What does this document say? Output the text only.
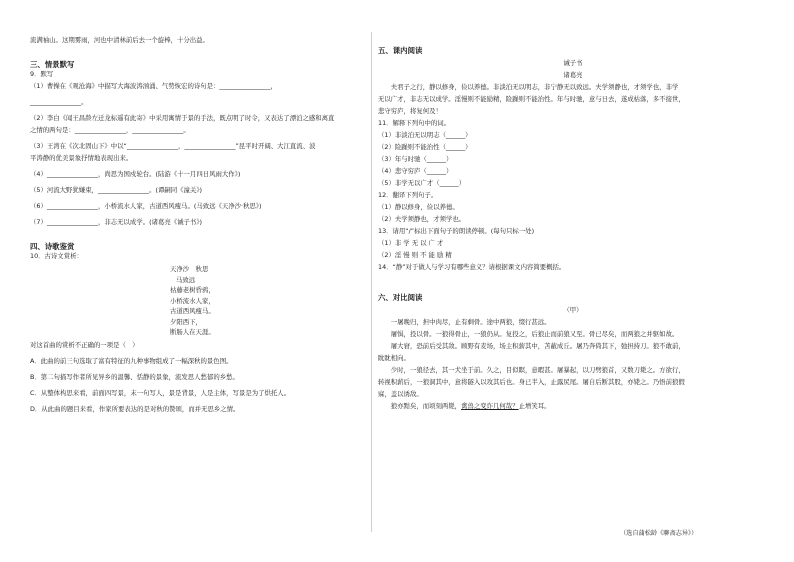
流满袖山。这期雾雨，河也中清林前后去一个旋棒，十分出益。

三、情景默写

9．默写

（1）曹操在《观沧海》中描写大海波涛汹涌、气势恢宏的诗句是：________________，

________________。

（2）李白《闻王昌龄左迁龙标遥有此寄》中采用寓情于景的手法，既点明了时令，又表达了漂泊之感和离直

之情的两句是：________________，________________。

（3）王湾在《次北固山下》中以“________________，________________”昆平时开阔、大江直流、波

平涛静的优美景象抒情地表现出来。

（4）________________，尚思为国戍轮台。(陆游《十一月四日风雨大作》)

（5）河流大野犹嫌束，________________。(谭嗣同《潼关》)

（6）________________，小桥流水人家，古道西风瘦马。(马致远《天净沙·秋思》)

（7）________________，非志无以成学。(诸葛亮《诫子书》)

四、诗歌鉴赏

10．古诗文赏析：

天净沙　秋思

马致远

枯藤老树昏鸦，

小桥流水人家，

古道西风瘦马。

夕阳西下，

断肠人在天涯。

对这首曲的赏析不正确的一项是（　）

A．此曲的前三句选取了富有特征的九种事物组成了一幅深秋的景色图。

B．第二句描写作者所见异乡的温馨、恬静的景象，流发思人愁郁的乡愁。

C．从整体构思来看，前面四写景，末一句写人，景是背景，人是主体，写景是为了烘托人。

D．从此曲的题目来看，作家所要表达的是对秋的赞颂，而并无思乡之情。

五、课内阅读

诫子书

诸葛亮

　　夫君子之行，静以修身，俭以养德。非淡泊无以明志，非宁静无以致远。夫学须静也，才须学也，非学

无以广才，非志无以成学。淫慢则不能励精，险躁则不能治性。年与时驰，意与日去，遂成枯落，多不接世，

悲守穷庐，将复何及！

11．解释下列句中的词。

（1）非淡泊无以明志（______）

（2）险躁则不能治性（______）

（3）年与时驰（______）

（4）悲守穷庐（______）

（5）非学无以广才（______）

12．翻译下列句子。

（1）静以修身，俭以养德。

（2）夫学须静也，才须学也。

13．请用“/”标出下面句子的朗读停顿。(每句只标一处)

（1）非 学 无 以 广 才

（2）淫 慢 则 不 能 励 精

14．“静”对于做人与学习有哪些意义？请根据课文内容简要概括。

六、对比阅读

（甲）

　　一屠晚归，担中肉尽，止有剩骨。途中两狼，缀行甚远。

　　屠惧，投以骨。一狼得骨止，一狼仍从。复投之，后狼止而前狼又至。骨已尽矣，而两狼之并驱如故。

　　屠大窘，恐前后受其敌。顾野有麦场，场主积薪其中，苫蔽成丘。屠乃奔倚其下，弛担持刀。狼不敢前，

眈眈相向。

　　少时，一狼径去，其一犬坐于前。久之，目似瞑，意暇甚。屠暴起，以刀劈狼首，又数刀毙之。方欲行，

转视积薪后，一狼洞其中，意将隧入以攻其后也。身已半入，止露尻尾。屠自后断其股，亦毙之。乃悟前狼假

寐，盖以诱敌。

　　狼亦黠矣，而顷刻两毙，禽兽之变诈几何哉？止增笑耳。

（选自蒲松龄《聊斋志异》）
